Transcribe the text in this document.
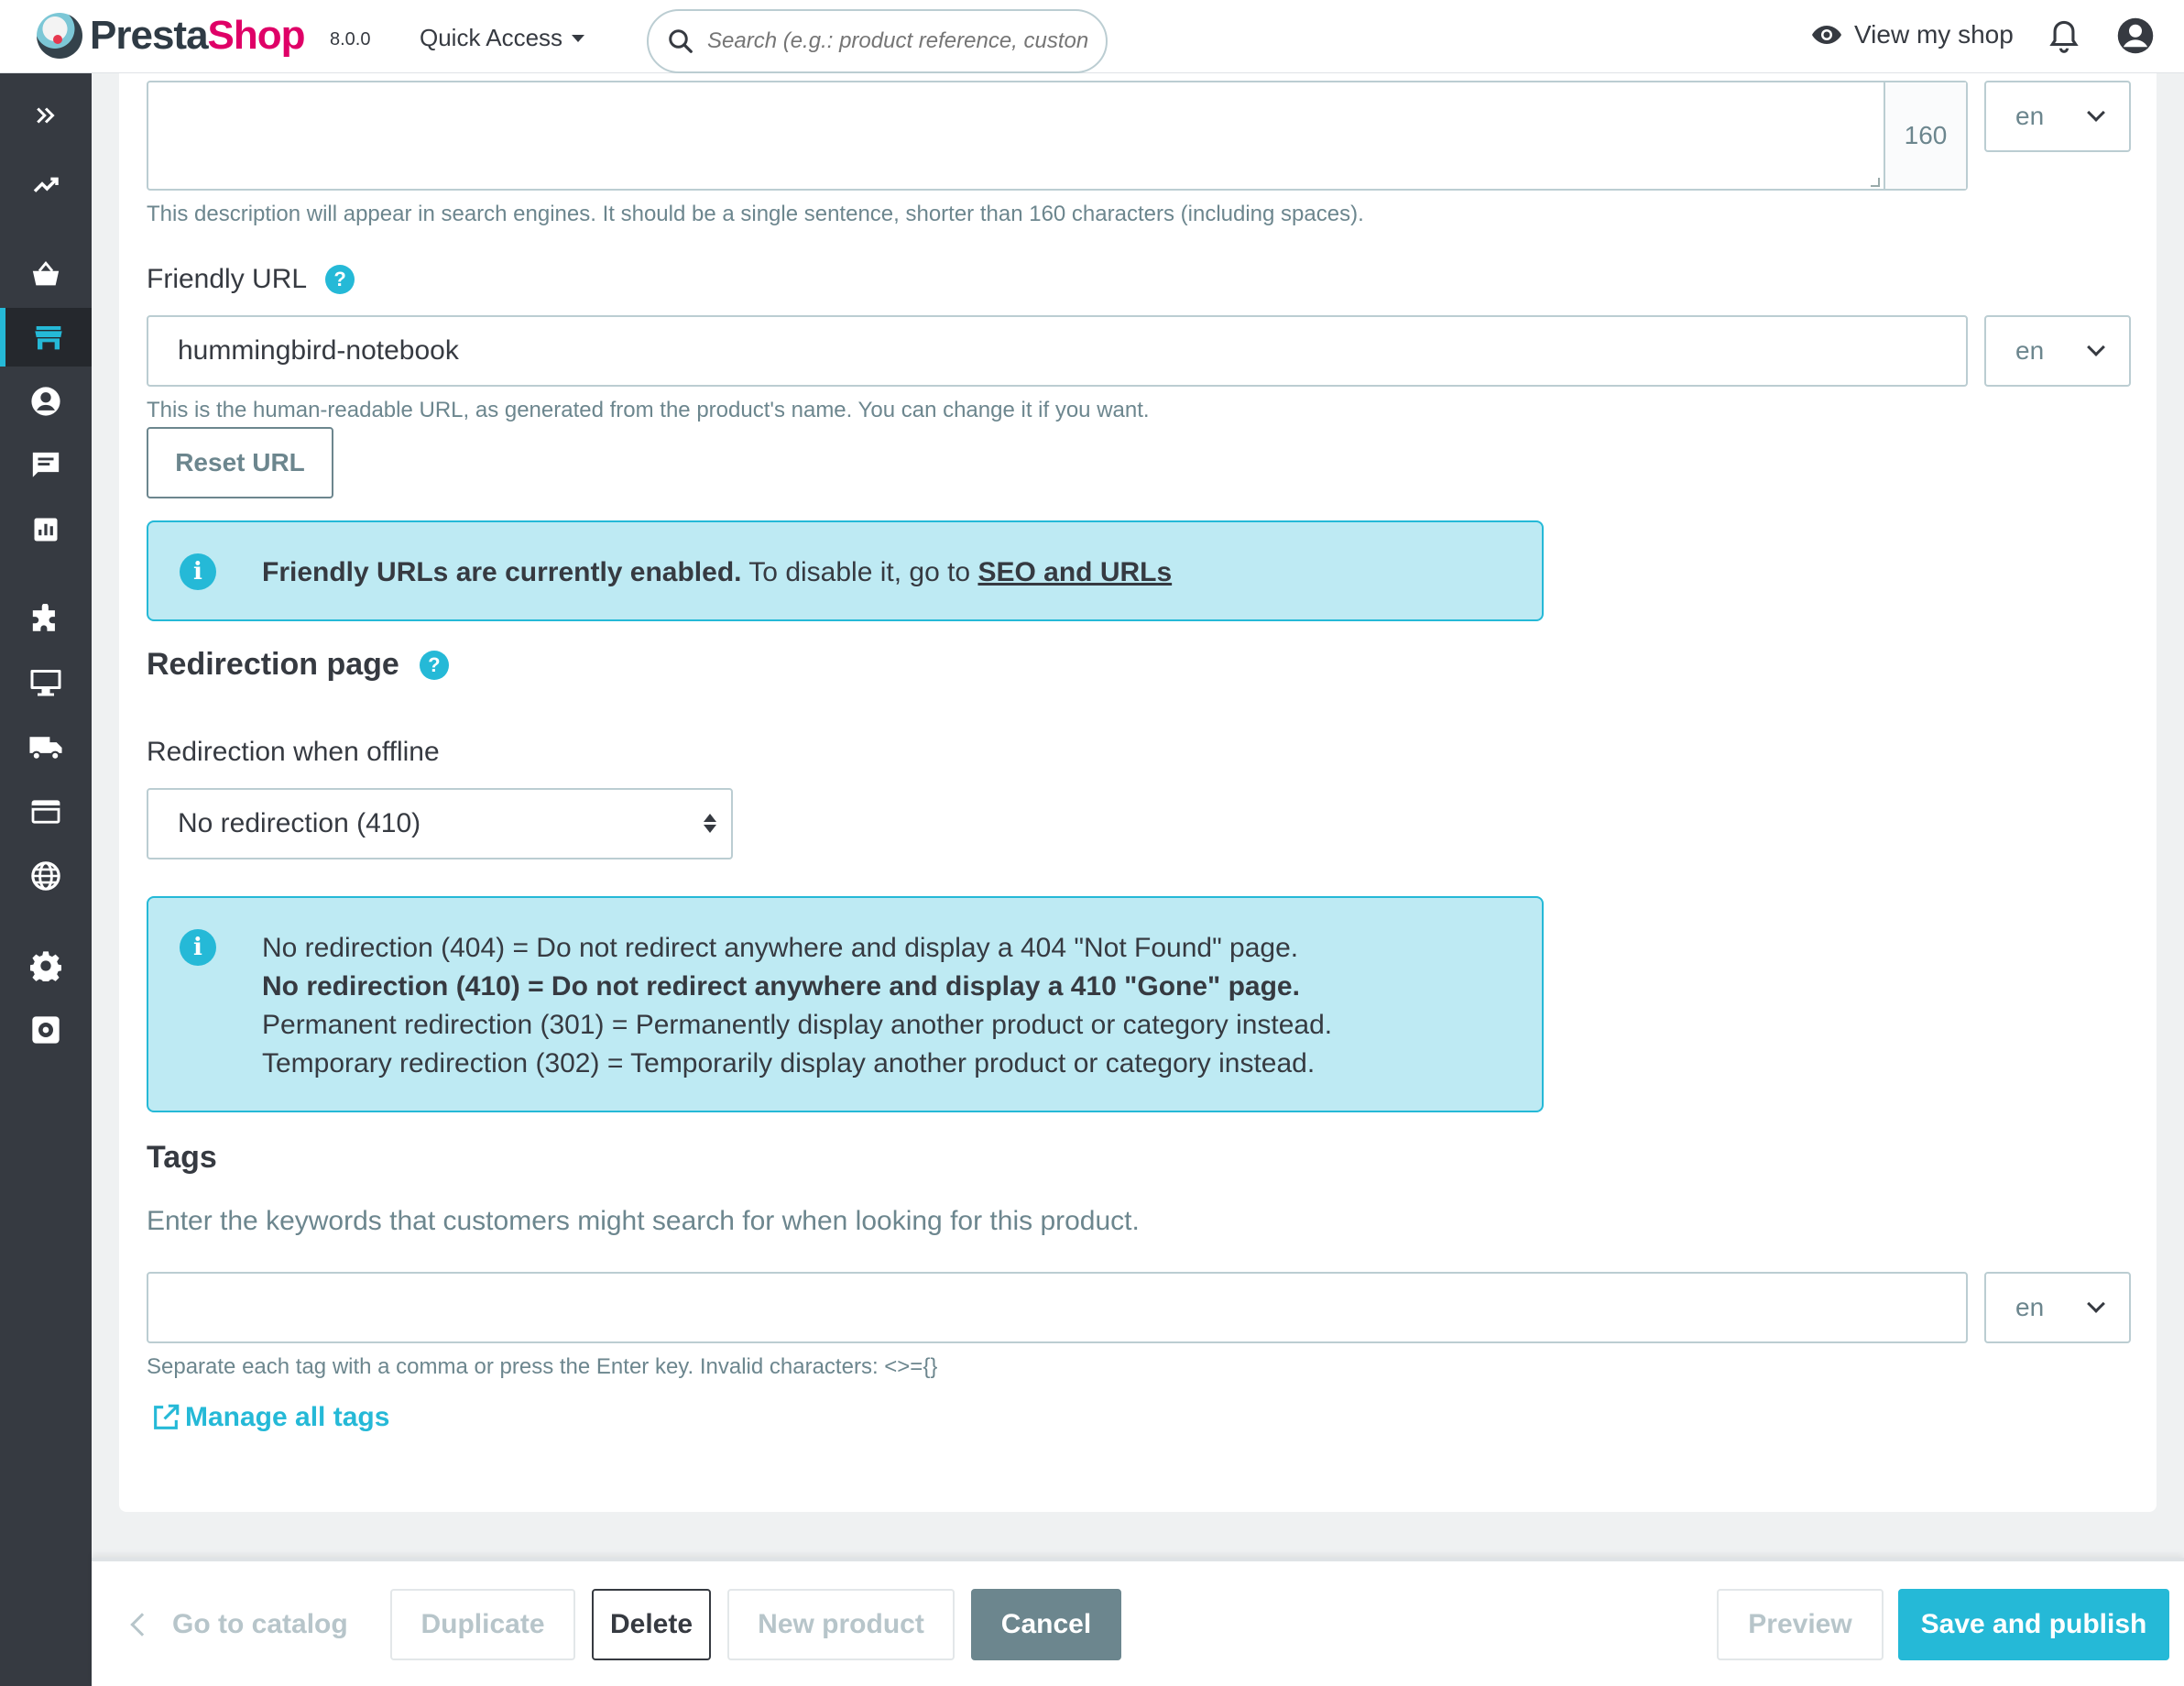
PrestaShop 8.0.0 Quick Access
Search (e.g.: product reference, custon	View my shop
160
en
This description will appear in search engines. It should be a single sentence, shorter than 160 characters (including spaces).
Friendly URL	?
hummingbird-notebook	en
This is the human-readable URL, as generated from the product's name. You can change it if you want.
Reset URL
i	Friendly URLs are currently enabled. To disable it, go to SEO and URLs
Redirection page	?
Redirection when offline
No redirection (410)
i	No redirection (404) = Do not redirect anywhere and display a 404 "Not Found" page.
No redirection (410) = Do not redirect anywhere and display a 410 "Gone" page.
Permanent redirection (301) = Permanently display another product or category instead.
Temporary redirection (302) = Temporarily display another product or category instead.
Tags
Enter the keywords that customers might search for when looking for this product.
en
Separate each tag with a comma or press the Enter key. Invalid characters: <>={}
Manage all tags
Go to catalog	Duplicate	Delete	New product	Cancel	Preview	Save and publish
